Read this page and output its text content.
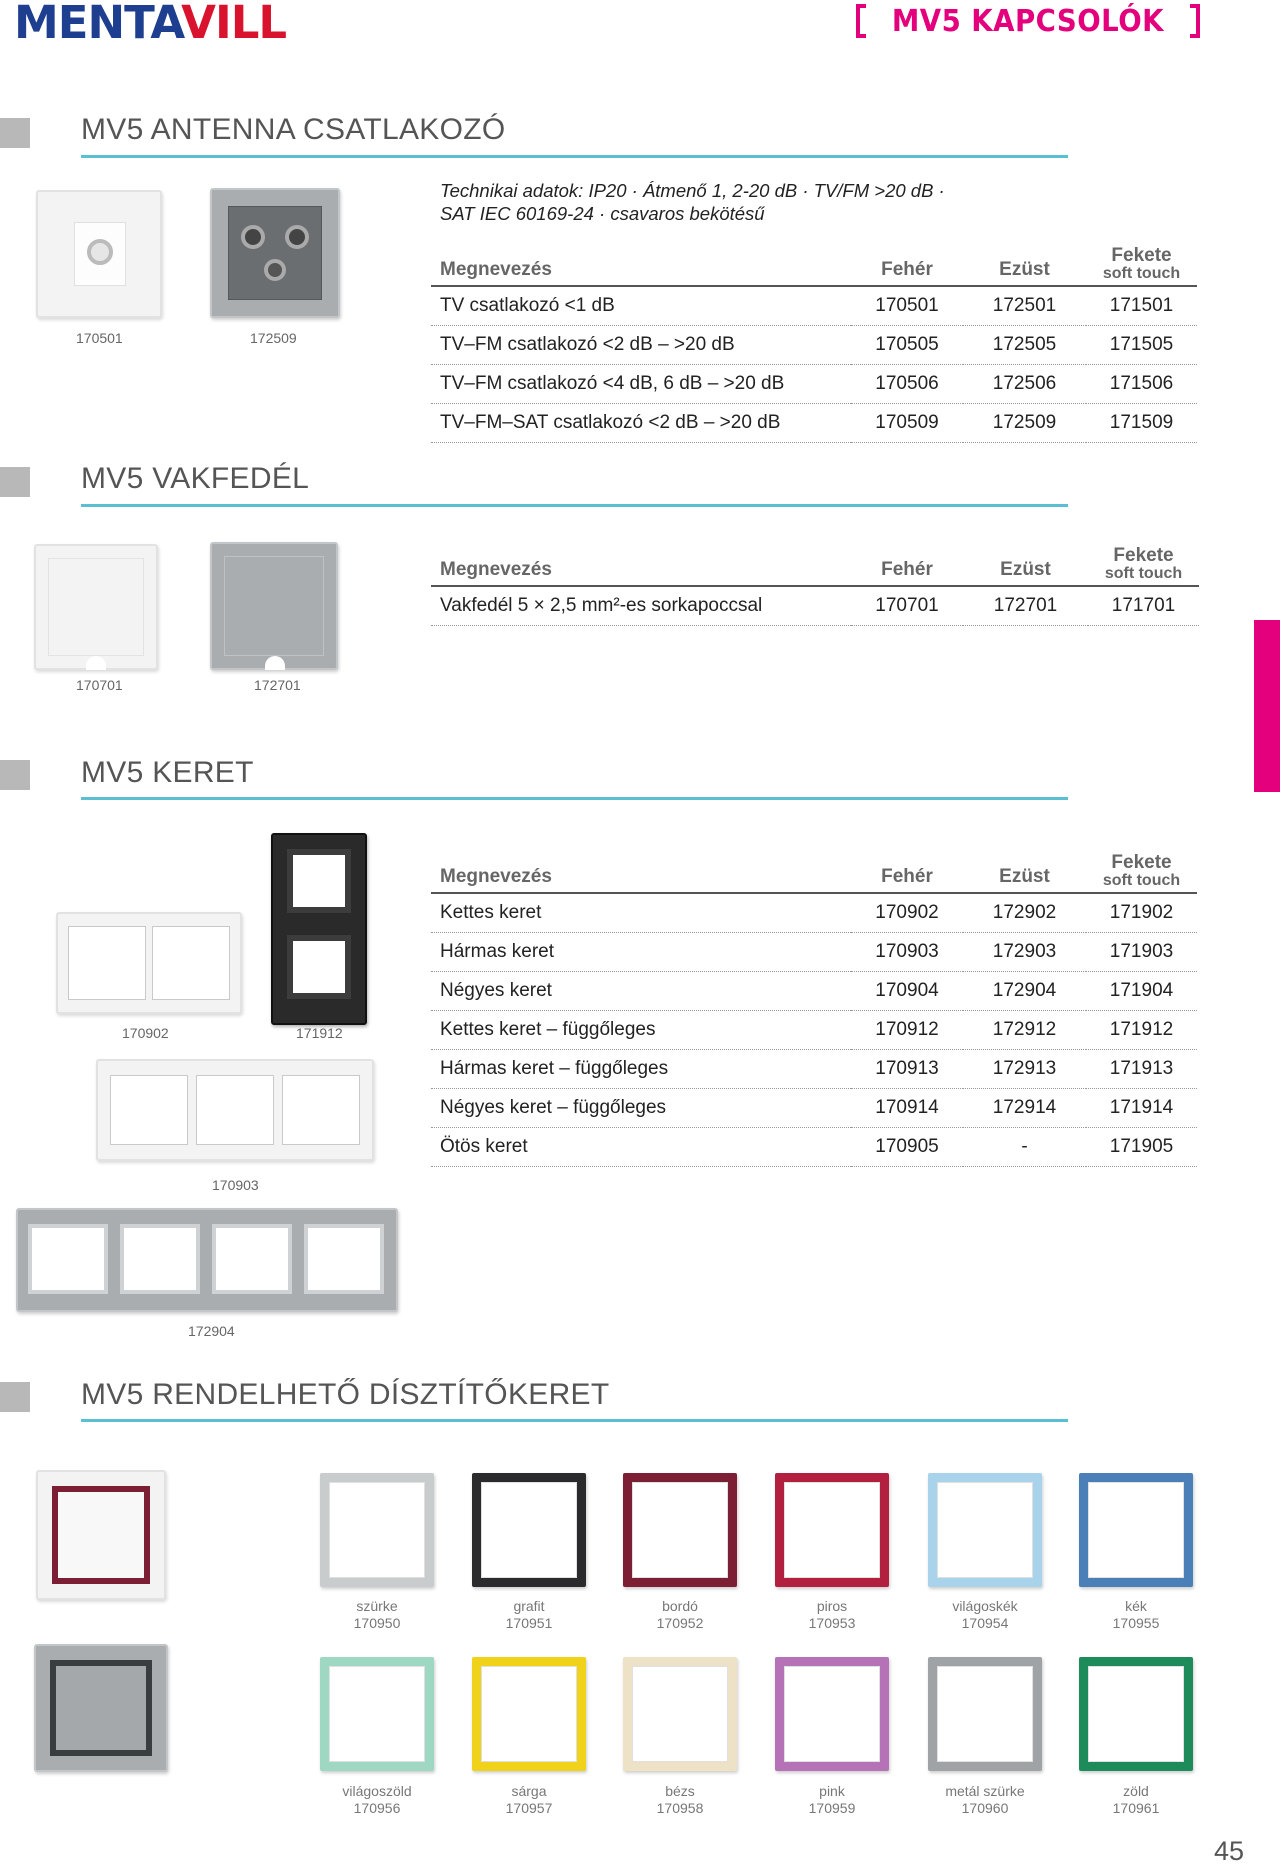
MENTAVILL	MV5 KAPCSOLÓK
MV5 ANTENNA CSATLAKOZÓ
170501	172509
Technikai adatok: IP20 · Átmenő 1, 2-20 dB · TV/FM >20 dB ·
SAT IEC 60169-24 · csavaros bekötésű
Megnevezés	Fehér	Ezüst	Fekete
soft touch

TV csatlakozó <1 dB	170501	172501	171501
TV–FM csatlakozó <2 dB – >20 dB	170505	172505	171505
TV–FM csatlakozó <4 dB, 6 dB – >20 dB	170506	172506	171506
TV–FM–SAT csatlakozó <2 dB – >20 dB	170509	172509	171509
MV5 VAKFEDÉL
170701	172701
Megnevezés	Fehér	Ezüst	Fekete
soft touch

Vakfedél 5 × 2,5 mm²-es sorkapoccsal	170701	172701	171701
MV5 KERET
170902	171912
170903
172904
Megnevezés	Fehér	Ezüst	Fekete
soft touch

Kettes keret	170902	172902	171902
Hármas keret	170903	172903	171903
Négyes keret	170904	172904	171904
Kettes keret – függőleges	170912	172912	171912
Hármas keret – függőleges	170913	172913	171913
Négyes keret – függőleges	170914	172914	171914
Ötös keret	170905	-	171905
MV5 RENDELHETŐ DÍSZTÍTŐKERET
szürke
170950
grafit
170951
bordó
170952
piros
170953
világoskék
170954
kék
170955
világoszöld
170956
sárga
170957
bézs
170958
pink
170959
metál szürke
170960
zöld
170961
45
